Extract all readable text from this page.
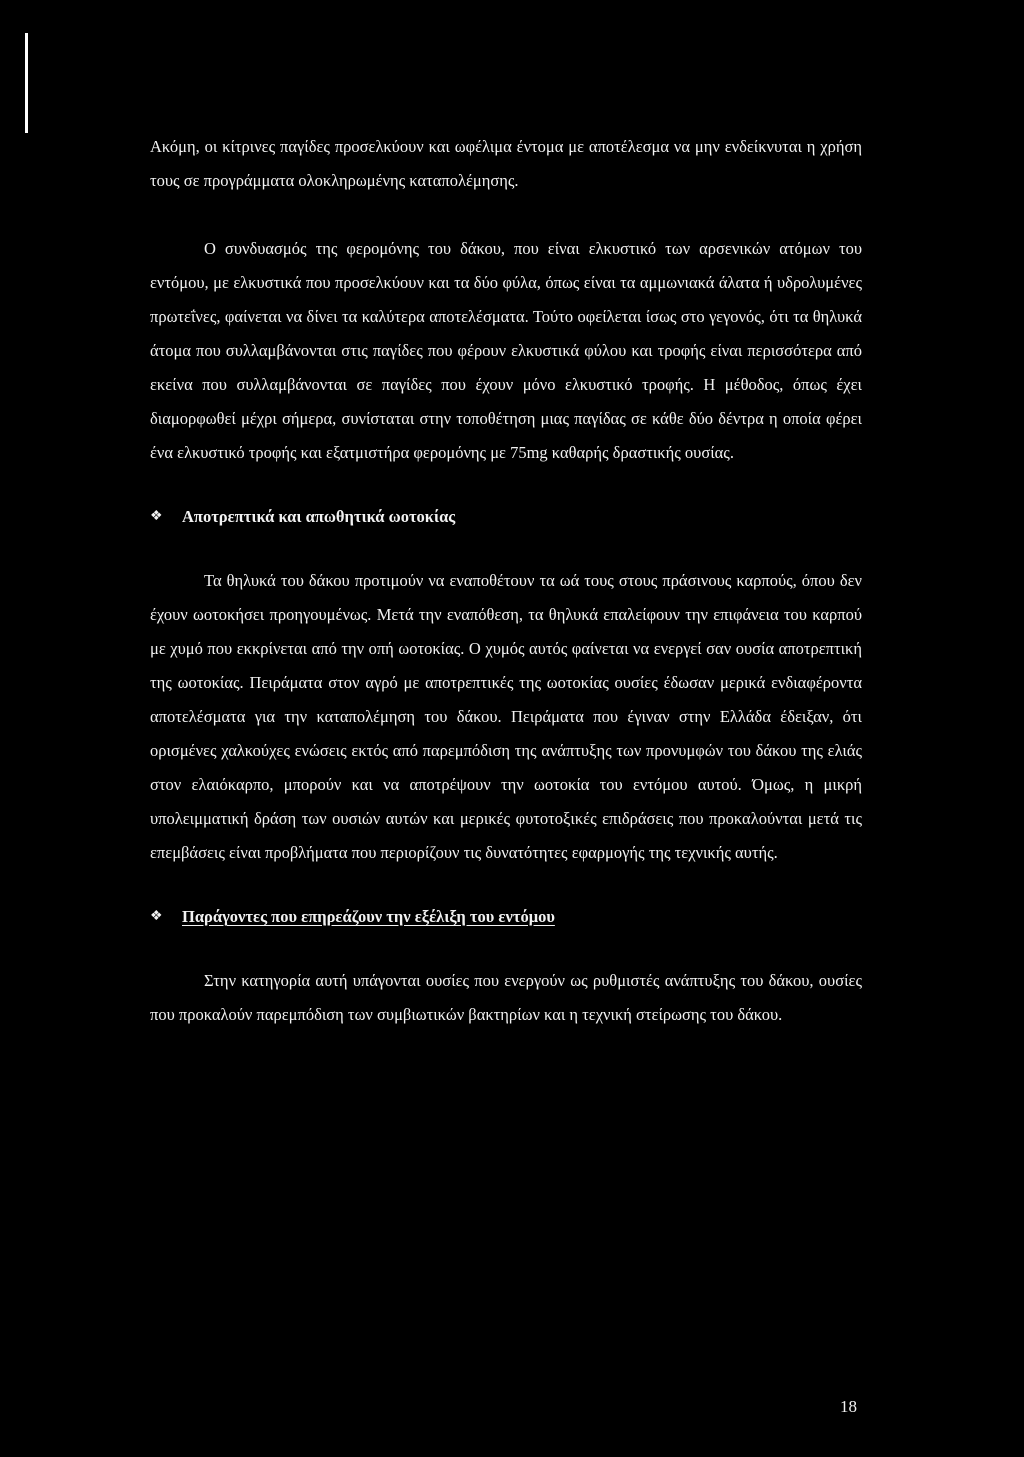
Ακόμη, οι κίτρινες παγίδες προσελκύουν και ωφέλιμα έντομα με αποτέλεσμα να μην ενδείκνυται η χρήση τους σε προγράμματα ολοκληρωμένης καταπολέμησης.

Ο συνδυασμός της φερομόνης του δάκου, που είναι ελκυστικό των αρσενικών ατόμων του εντόμου, με ελκυστικά που προσελκύουν και τα δύο φύλα, όπως είναι τα αμμωνιακά άλατα ή υδρολυμένες πρωτεΐνες, φαίνεται να δίνει τα καλύτερα αποτελέσματα. Τούτο οφείλεται ίσως στο γεγονός, ότι τα θηλυκά άτομα που συλλαμβάνονται στις παγίδες που φέρουν ελκυστικά φύλου και τροφής είναι περισσότερα από εκείνα που συλλαμβάνονται σε παγίδες που έχουν μόνο ελκυστικό τροφής. Η μέθοδος, όπως έχει διαμορφωθεί μέχρι σήμερα, συνίσταται στην τοποθέτηση μιας παγίδας σε κάθε δύο δέντρα η οποία φέρει ένα ελκυστικό τροφής και εξατμιστήρα φερομόνης με 75mg καθαρής δραστικής ουσίας.

❖	Αποτρεπτικά και απωθητικά ωοτοκίας

Τα θηλυκά του δάκου προτιμούν να εναποθέτουν τα ωά τους στους πράσινους καρπούς, όπου δεν έχουν ωοτοκήσει προηγουμένως. Μετά την εναπόθεση, τα θηλυκά επαλείφουν την επιφάνεια του καρπού με χυμό που εκκρίνεται από την οπή ωοτοκίας. Ο χυμός αυτός φαίνεται να ενεργεί σαν ουσία αποτρεπτική της ωοτοκίας. Πειράματα στον αγρό με αποτρεπτικές της ωοτοκίας ουσίες έδωσαν μερικά ενδιαφέροντα αποτελέσματα για την καταπολέμηση του δάκου. Πειράματα που έγιναν στην Ελλάδα έδειξαν, ότι ορισμένες χαλκούχες ενώσεις εκτός από παρεμπόδιση της ανάπτυξης των προνυμφών του δάκου της ελιάς στον ελαιόκαρπο, μπορούν και να αποτρέψουν την ωοτοκία του εντόμου αυτού. Όμως, η μικρή υπολειμματική δράση των ουσιών αυτών και μερικές φυτοτοξικές επιδράσεις που προκαλούνται μετά τις επεμβάσεις είναι προβλήματα που περιορίζουν τις δυνατότητες εφαρμογής της τεχνικής αυτής.

❖	Παράγοντες που επηρεάζουν την εξέλιξη του εντόμου

Στην κατηγορία αυτή υπάγονται ουσίες που ενεργούν ως ρυθμιστές ανάπτυξης του δάκου, ουσίες που προκαλούν παρεμπόδιση των συμβιωτικών βακτηρίων και η τεχνική στείρωσης του δάκου.

18
